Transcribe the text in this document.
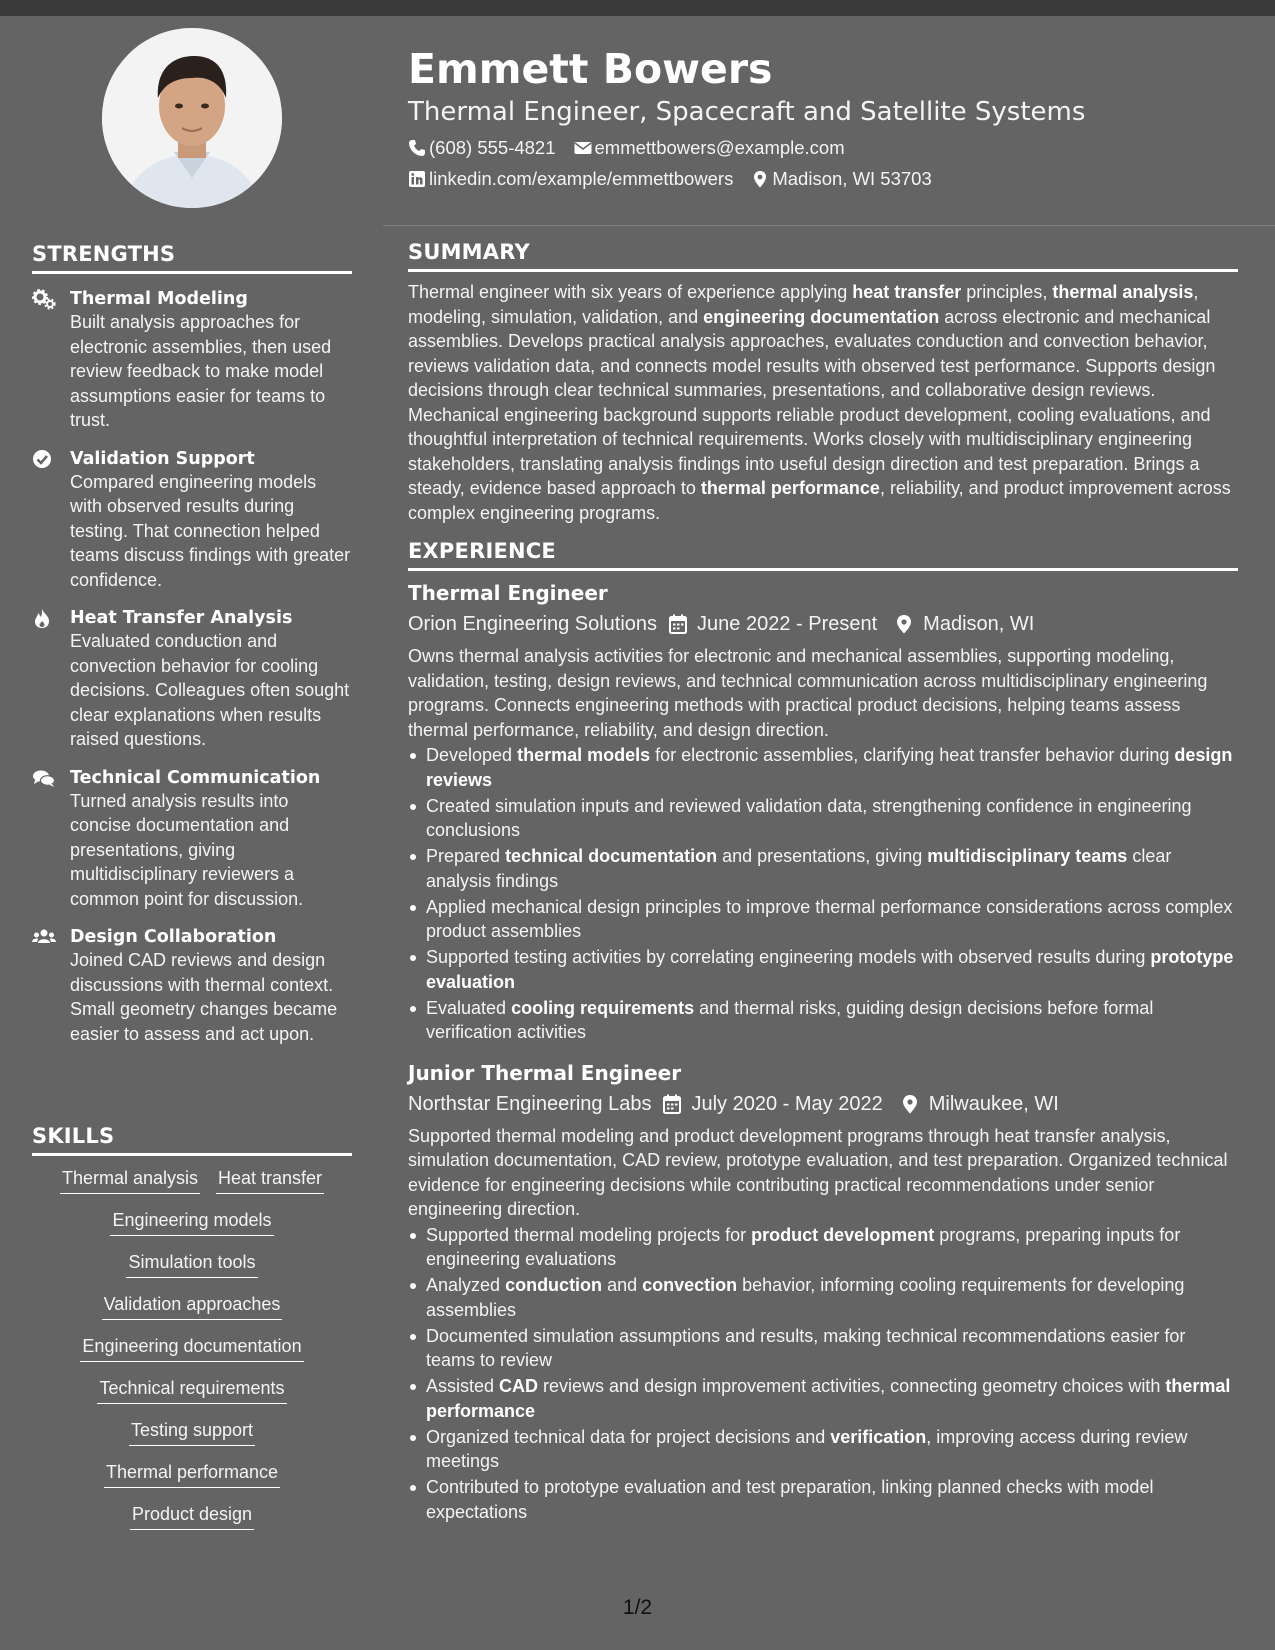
STRENGTHS
Thermal Modeling

Built analysis approaches for electronic assemblies, then used review feedback to make model assumptions easier for teams to trust.

Validation Support

Compared engineering models with observed results during testing. That connection helped teams discuss findings with greater confidence.

Heat Transfer Analysis

Evaluated conduction and convection behavior for cooling decisions. Colleagues often sought clear explanations when results raised questions.

Technical Communication

Turned analysis results into concise documentation and presentations, giving multidisciplinary reviewers a common point for discussion.

Design Collaboration

Joined CAD reviews and design discussions with thermal context. Small geometry changes became easier to assess and act upon.

SKILLS
Thermal analysis Heat transfer
Engineering models
Simulation tools
Validation approaches
Engineering documentation
Technical requirements
Testing support
Thermal performance
Product design
Emmett Bowers
Thermal Engineer, Spacecraft and Satellite Systems
(608) 555-4821 emmettbowers@example.com
linkedin.com/example/emmettbowers Madison, WI 53703
SUMMARY

Thermal engineer with six years of experience applying heat transfer principles, thermal analysis, modeling, simulation, validation, and engineering documentation across electronic and mechanical assemblies. Develops practical analysis approaches, evaluates conduction and convection behavior, reviews validation data, and connects model results with observed test performance. Supports design decisions through clear technical summaries, presentations, and collaborative design reviews. Mechanical engineering background supports reliable product development, cooling evaluations, and thoughtful interpretation of technical requirements. Works closely with multidisciplinary engineering stakeholders, translating analysis findings into useful design direction and test preparation. Brings a steady, evidence based approach to thermal performance, reliability, and product improvement across complex engineering programs.

EXPERIENCE
Thermal Engineer
Orion Engineering Solutions June 2022 - Present Madison, WI

Owns thermal analysis activities for electronic and mechanical assemblies, supporting modeling, validation, testing, design reviews, and technical communication across multidisciplinary engineering programs. Connects engineering methods with practical product decisions, helping teams assess thermal performance, reliability, and design direction.

Developed thermal models for electronic assemblies, clarifying heat transfer behavior during design reviews
Created simulation inputs and reviewed validation data, strengthening confidence in engineering conclusions
Prepared technical documentation and presentations, giving multidisciplinary teams clear analysis findings
Applied mechanical design principles to improve thermal performance considerations across complex product assemblies
Supported testing activities by correlating engineering models with observed results during prototype evaluation
Evaluated cooling requirements and thermal risks, guiding design decisions before formal verification activities
Junior Thermal Engineer
Northstar Engineering Labs July 2020 - May 2022 Milwaukee, WI

Supported thermal modeling and product development programs through heat transfer analysis, simulation documentation, CAD review, prototype evaluation, and test preparation. Organized technical evidence for engineering decisions while contributing practical recommendations under senior engineering direction.

Supported thermal modeling projects for product development programs, preparing inputs for engineering evaluations
Analyzed conduction and convection behavior, informing cooling requirements for developing assemblies
Documented simulation assumptions and results, making technical recommendations easier for teams to review
Assisted CAD reviews and design improvement activities, connecting geometry choices with thermal performance
Organized technical data for project decisions and verification, improving access during review meetings
Contributed to prototype evaluation and test preparation, linking planned checks with model expectations
1/2
